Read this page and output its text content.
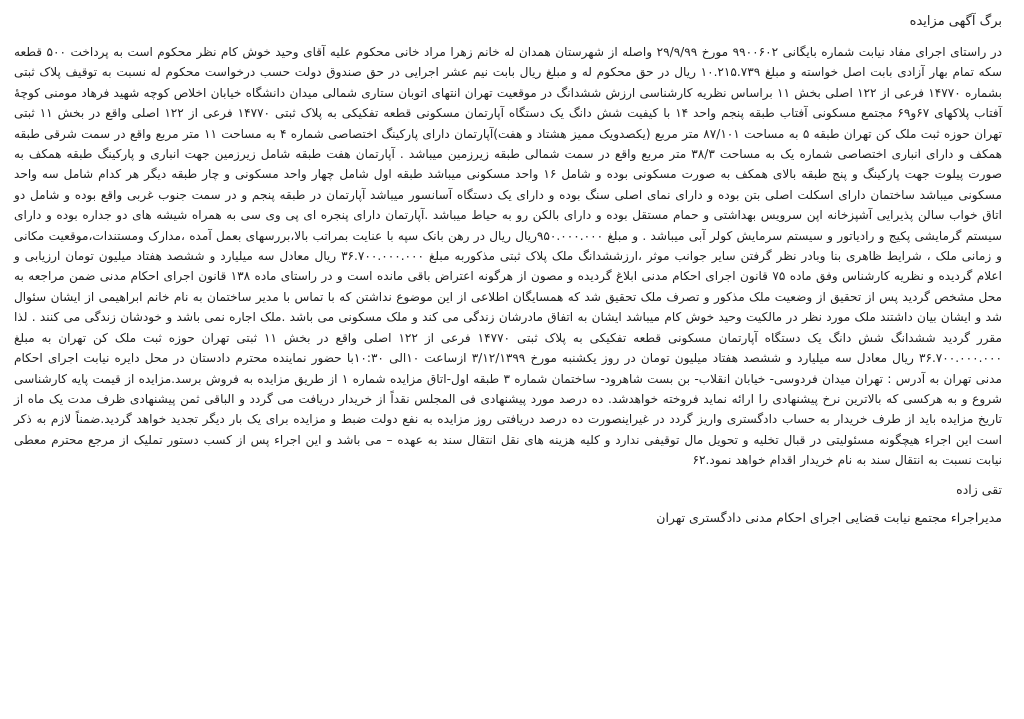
برگ آگهی مزایده

در راستای اجرای مفاد نیابت شماره بایگانی ۹۹۰۰۶۰۲ مورخ ۲۹/۹/۹۹ واصله از شهرستان همدان له خانم زهرا مراد خانی محکوم علیه آقای وحید خوش کام نظر محکوم است به پرداخت ۵۰۰ قطعه سکه تمام بهار آزادی بابت اصل خواسته و مبلغ ۱۰.۲۱۵.۷۳۹ ریال در حق محکوم له و مبلغ ریال بابت نیم عشر اجرایی در حق صندوق دولت حسب درخواست محکوم له نسبت به توقیف پلاک ثبتی بشماره ۱۴۷۷۰ فرعی از ۱۲۲ اصلی بخش ۱۱ براساس نظریه کارشناسی ارزش ششدانگ در موقعیت تهران انتهای اتوبان ستاری شمالی میدان دانشگاه خیابان اخلاص کوچه شهید فرهاد مومنی کوچهٔ آفتاب پلاکهای ۶۷و۶۹ مجتمع مسکونی آفتاب طبقه پنجم واحد ۱۴ با کیفیت شش دانگ یک دستگاه آپارتمان مسکونی قطعه تفکیکی به پلاک ثبتی ۱۴۷۷۰ فرعی از ۱۲۲ اصلی واقع در بخش ۱۱ ثبتی تهران حوزه ثبت ملک کن تهران طبقه ۵ به مساحت ۸۷/۱۰۱ متر مربع (یکصدویک ممیز هشتاد و هفت)آپارتمان دارای پارکینگ اختصاصی شماره ۴ به مساحت ۱۱ متر مربع واقع در سمت شرقی طبقه همکف و دارای انباری اختصاصی شماره یک به مساحت ۳۸/۳ متر مربع واقع در سمت شمالی طبقه زیرزمین میباشد . آپارتمان هفت طبقه شامل زیرزمین جهت انباری و پارکینگ طبقه همکف به صورت پیلوت جهت پارکینگ و پنج طبقه بالای همکف به صورت مسکونی بوده و شامل ۱۶ واحد مسکونی میباشد طبقه اول شامل چهار واحد مسکونی و چار طبقه دیگر هر کدام شامل سه واحد مسکونی میباشد ساختمان دارای اسکلت اصلی بتن بوده و دارای نمای اصلی سنگ بوده و دارای یک دستگاه آسانسور میباشد آپارتمان در طبقه پنجم و در سمت جنوب غربی واقع بوده و شامل دو اتاق خواب سالن پذیرایی آشپزخانه اپن سرویس بهداشتی و حمام مستقل بوده و دارای بالکن رو به حیاط میباشد .آپارتمان دارای پنجره ای پی وی سی به همراه شیشه های دو جداره بوده و دارای سیستم گرمایشی پکیج و رادیاتور و سیستم سرمایش کولر آبی میباشد . و مبلغ ۹۵۰.۰۰۰.۰۰۰ریال ریال در رهن بانک سپه با عنایت بمراتب بالا،بررسهای بعمل آمده ،مدارک ومستندات،موقعیت مکانی و زمانی ملک ، شرایط ظاهری بنا وبادر نظر گرفتن سایر جوانب موثر ،ارزششدانگ ملک پلاک ثبتی مذکوربه مبلغ ۳۶.۷۰۰.۰۰۰.۰۰۰ ریال معادل سه میلیارد و ششصد هفتاد میلیون تومان ارزیابی و اعلام گردیده و نظریه کارشناس وفق ماده ۷۵ قانون اجرای احکام مدنی ابلاغ گردیده و مصون از هرگونه اعتراض باقی مانده است و در راستای ماده ۱۳۸ قانون اجرای احکام مدنی ضمن مراجعه به محل مشخص گردید پس از تحقیق از وضعیت ملک مذکور و تصرف ملک تحقیق شد که همسایگان اطلاعی از این موضوع نداشتن که با تماس با مدیر ساختمان به نام خانم ابراهیمی از ایشان سئوال شد و ایشان بیان داشتند ملک مورد نظر در مالکیت وحید خوش کام میباشد ایشان به اتفاق مادرشان زندگی می کند و ملک مسکونی می باشد .ملک اجاره نمی باشد و خودشان زندگی می کنند . لذا مقرر گردید ششدانگ شش دانگ یک دستگاه آپارتمان مسکونی قطعه تفکیکی به پلاک ثبتی ۱۴۷۷۰ فرعی از ۱۲۲ اصلی واقع در بخش ۱۱ ثبتی تهران حوزه ثبت ملک کن تهران به مبلغ ۳۶.۷۰۰.۰۰۰.۰۰۰ ریال معادل سه میلیارد و ششصد هفتاد میلیون تومان در روز یکشنبه مورخ ۳/۱۲/۱۳۹۹ ازساعت ۱۰الی ۱۰:۳۰با حضور نماینده محترم دادستان در محل دایره نیابت اجرای احکام مدنی تهران به آدرس : تهران میدان فردوسی- خیابان انقلاب- بن بست شاهرود- ساختمان شماره ۳ طبقه اول-اتاق مزایده شماره ۱ از طریق مزایده به فروش برسد.مزایده از قیمت پایه کارشناسی شروع و به هرکسی که بالاترین نرخ پیشنهادی را ارائه نماید فروخته خواهدشد. ده درصد مورد پیشنهادی فی المجلس نقداً از خریدار دریافت می گردد و الباقی ثمن پیشنهادی ظرف مدت یک ماه از تاریخ مزایده باید از طرف خریدار به حساب دادگستری واریز گردد در غیراینصورت ده درصد دریافتی روز مزایده به نفع دولت ضبط و مزایده برای یک بار دیگر تجدید خواهد گردید.ضمناً لازم به ذکر است این اجراء هیچگونه مسئولیتی در قبال تخلیه و تحویل مال توقیفی ندارد و کلیه هزینه های نقل انتقال سند به عهده – می باشد و این اجراء پس از کسب دستور تملیک از مرجع محترم معطی نیابت نسبت به انتقال سند به نام خریدار اقدام خواهد نمود.۶۲

تقی زاده
مدیراجراء مجتمع نیابت قضایی اجرای احکام مدنی دادگستری تهران
